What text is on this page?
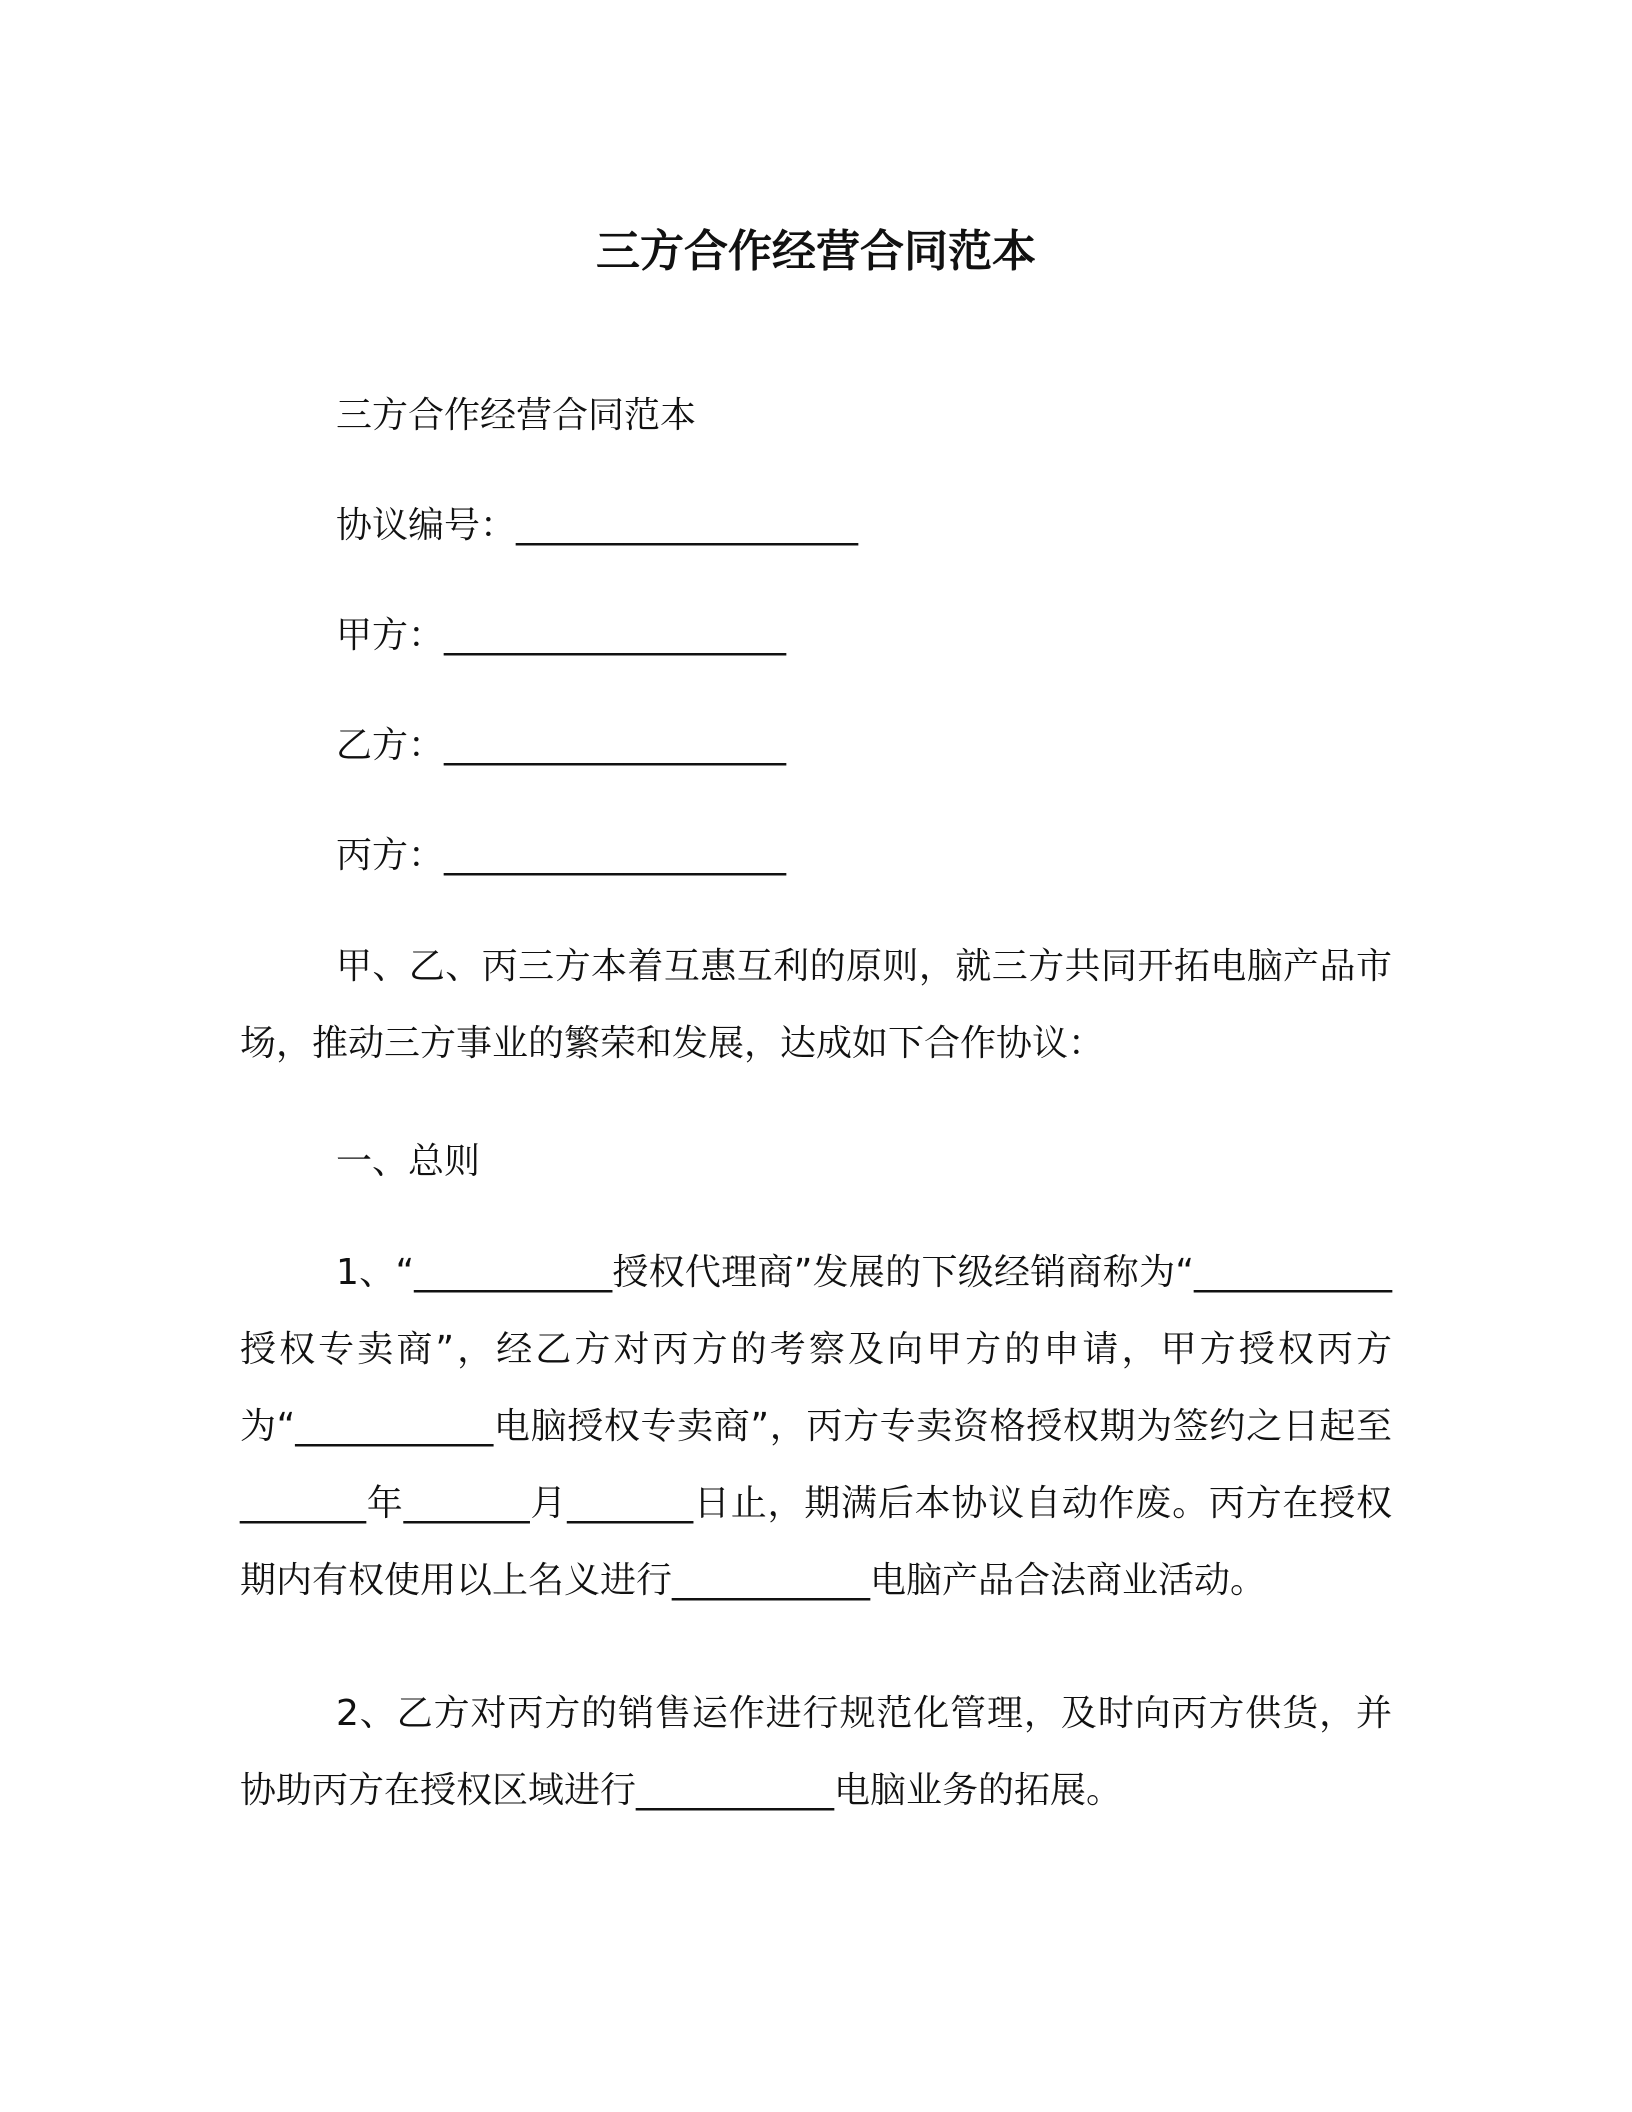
三方合作经营合同范本

三方合作经营合同范本

协议编号：___________________

甲方：___________________

乙方：___________________

丙方：___________________

甲、乙、丙三方本着互惠互利的原则，就三方共同开拓电脑产品市场，推动三方事业的繁荣和发展，达成如下合作协议：

一、总则

1、“___________授权代理商”发展的下级经销商称为“___________授权专卖商”，经乙方对丙方的考察及向甲方的申请，甲方授权丙方为“___________电脑授权专卖商”，丙方专卖资格授权期为签约之日起至_______年_______月_______日止，期满后本协议自动作废。丙方在授权期内有权使用以上名义进行___________电脑产品合法商业活动。

2、乙方对丙方的销售运作进行规范化管理，及时向丙方供货，并协助丙方在授权区域进行___________电脑业务的拓展。
